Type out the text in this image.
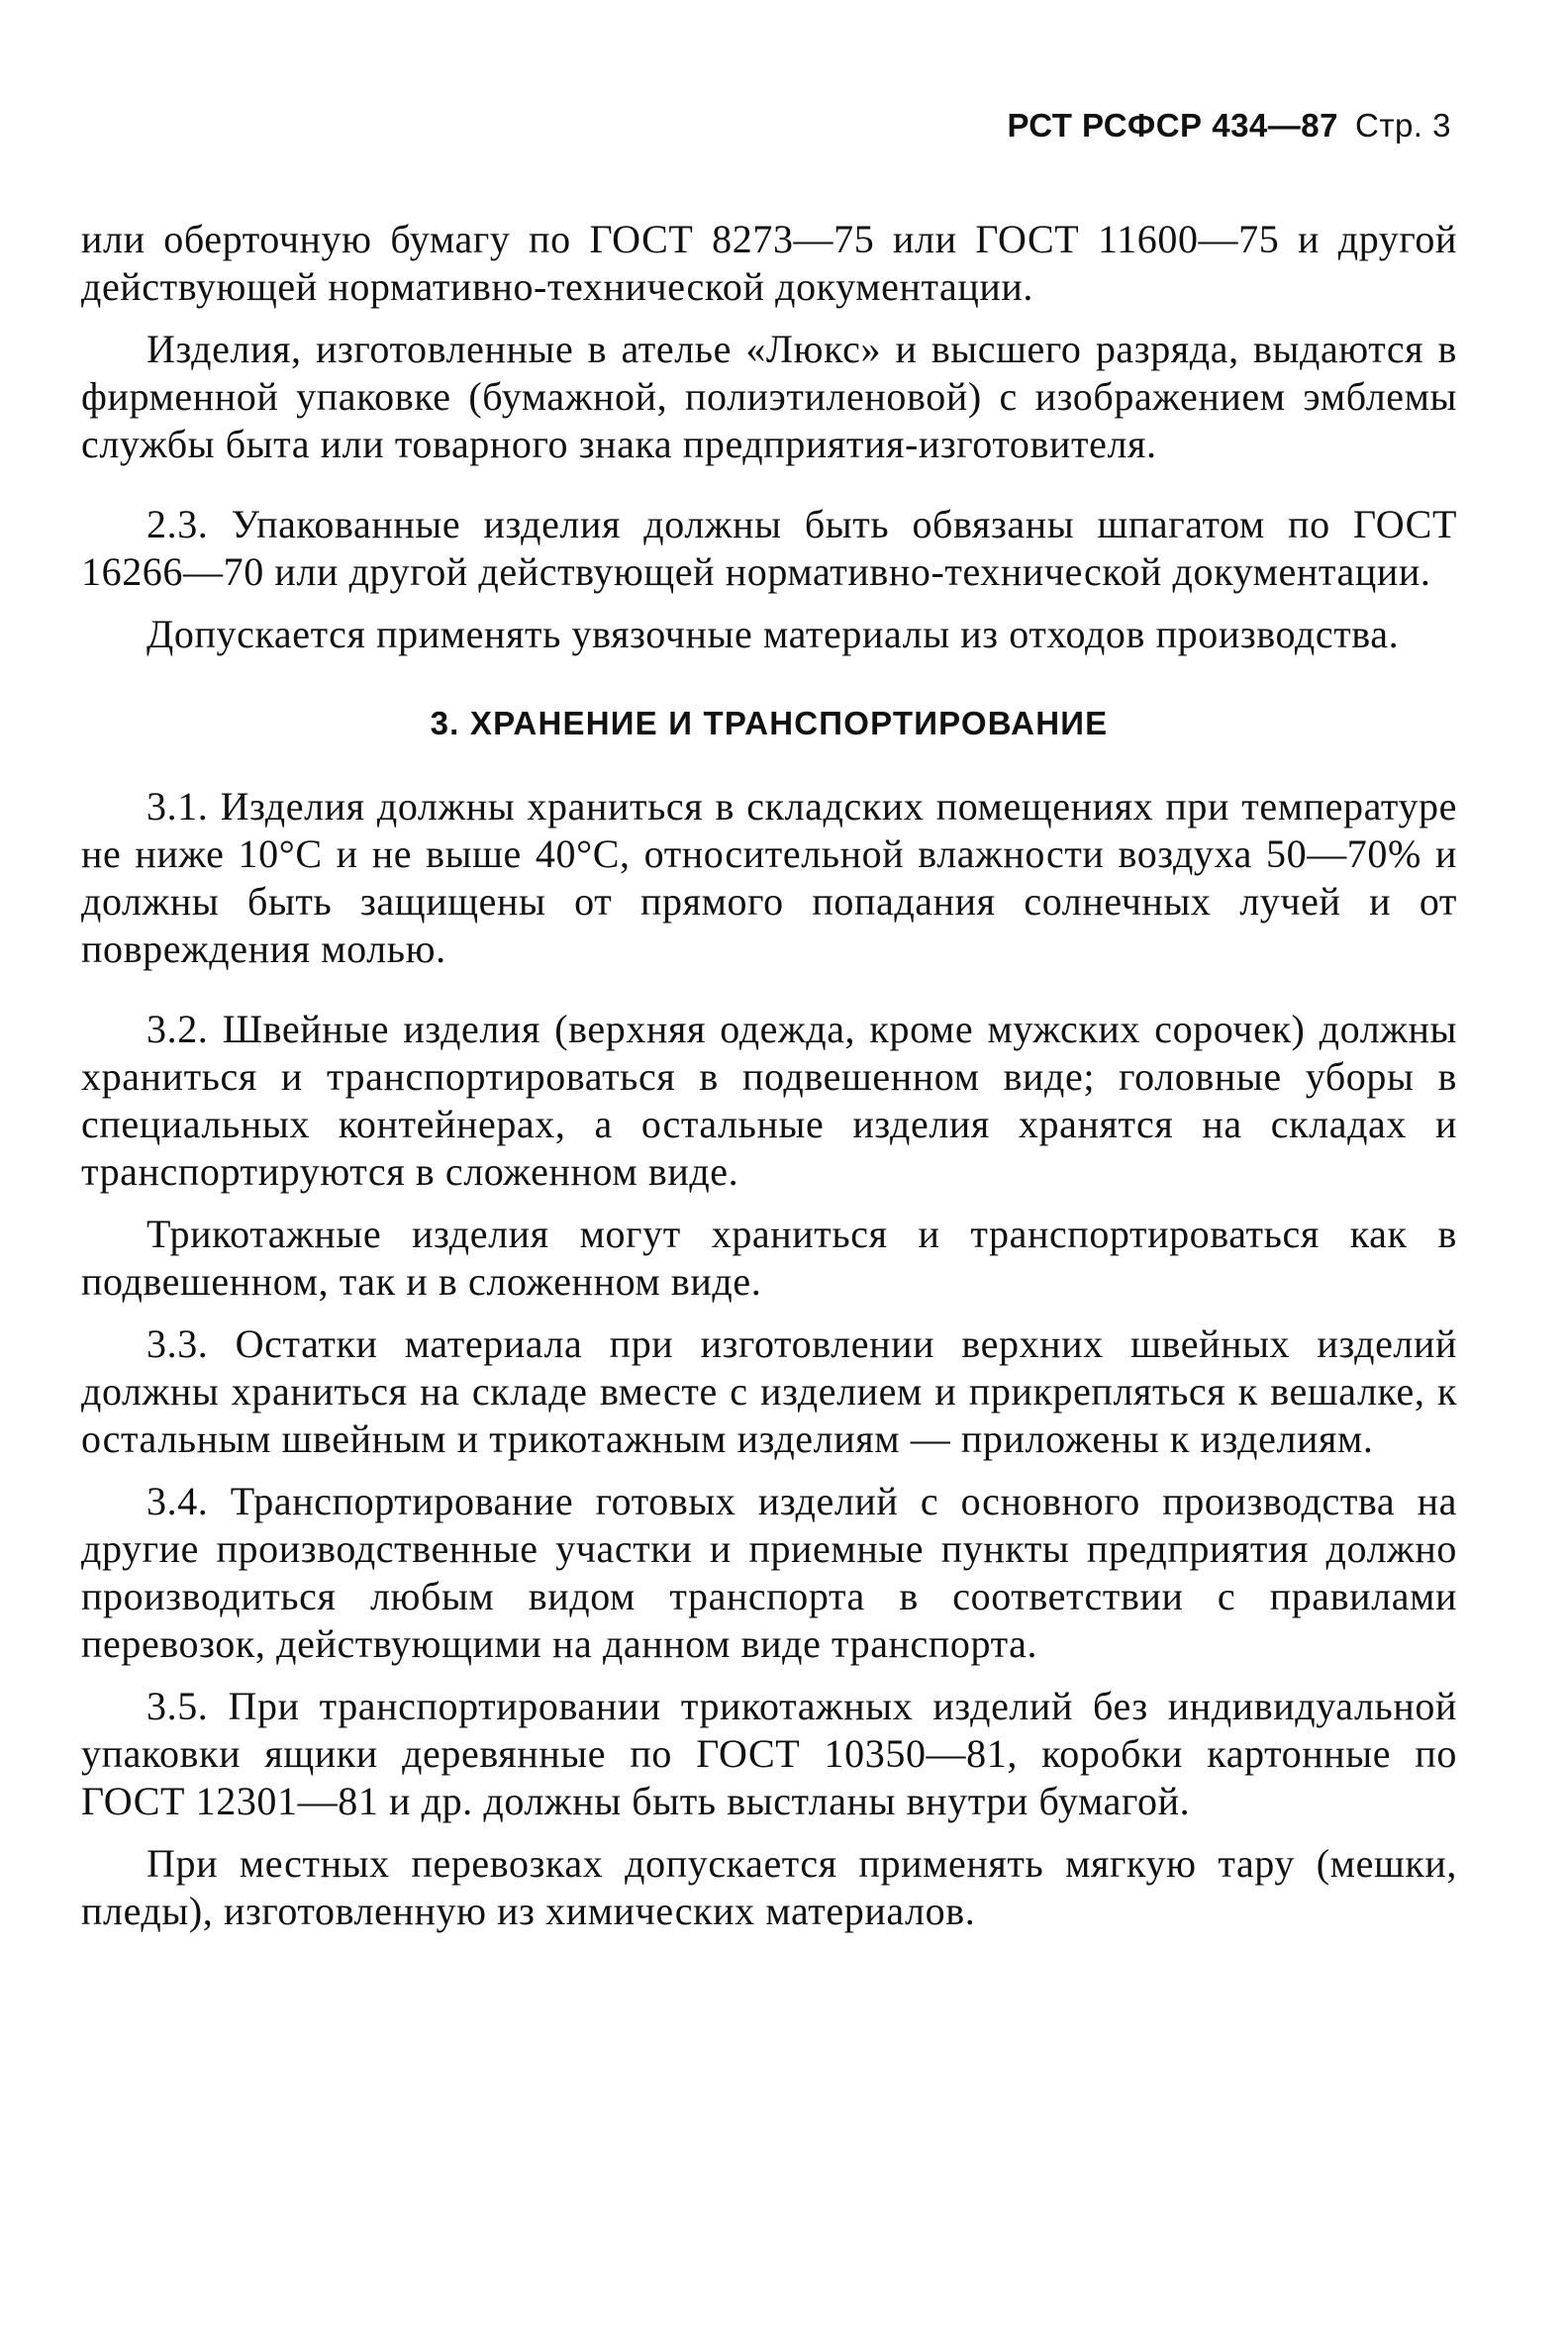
РСТ РСФСР 434—87 Стр. 3

или оберточную бумагу по ГОСТ 8273—75 или ГОСТ 11600—75 и другой действующей нормативно-технической документации.

Изделия, изготовленные в ателье «Люкс» и высшего разряда, выдаются в фирменной упаковке (бумажной, полиэтиленовой) с изображением эмблемы службы быта или товарного знака предприятия-изготовителя.

2.3. Упакованные изделия должны быть обвязаны шпагатом по ГОСТ 16266—70 или другой действующей нормативно-технической документации.

Допускается применять увязочные материалы из отходов производства.

3. ХРАНЕНИЕ И ТРАНСПОРТИРОВАНИЕ

3.1. Изделия должны храниться в складских помещениях при температуре не ниже 10°С и не выше 40°С, относительной влажности воздуха 50—70% и должны быть защищены от прямого попадания солнечных лучей и от повреждения молью.

3.2. Швейные изделия (верхняя одежда, кроме мужских сорочек) должны храниться и транспортироваться в подвешенном виде; головные уборы в специальных контейнерах, а остальные изделия хранятся на складах и транспортируются в сложенном виде.

Трикотажные изделия могут храниться и транспортироваться как в подвешенном, так и в сложенном виде.

3.3. Остатки материала при изготовлении верхних швейных изделий должны храниться на складе вместе с изделием и прикрепляться к вешалке, к остальным швейным и трикотажным изделиям — приложены к изделиям.

3.4. Транспортирование готовых изделий с основного производства на другие производственные участки и приемные пункты предприятия должно производиться любым видом транспорта в соответствии с правилами перевозок, действующими на данном виде транспорта.

3.5. При транспортировании трикотажных изделий без индивидуальной упаковки ящики деревянные по ГОСТ 10350—81, коробки картонные по ГОСТ 12301—81 и др. должны быть выстланы внутри бумагой.

При местных перевозках допускается применять мягкую тару (мешки, пледы), изготовленную из химических материалов.
